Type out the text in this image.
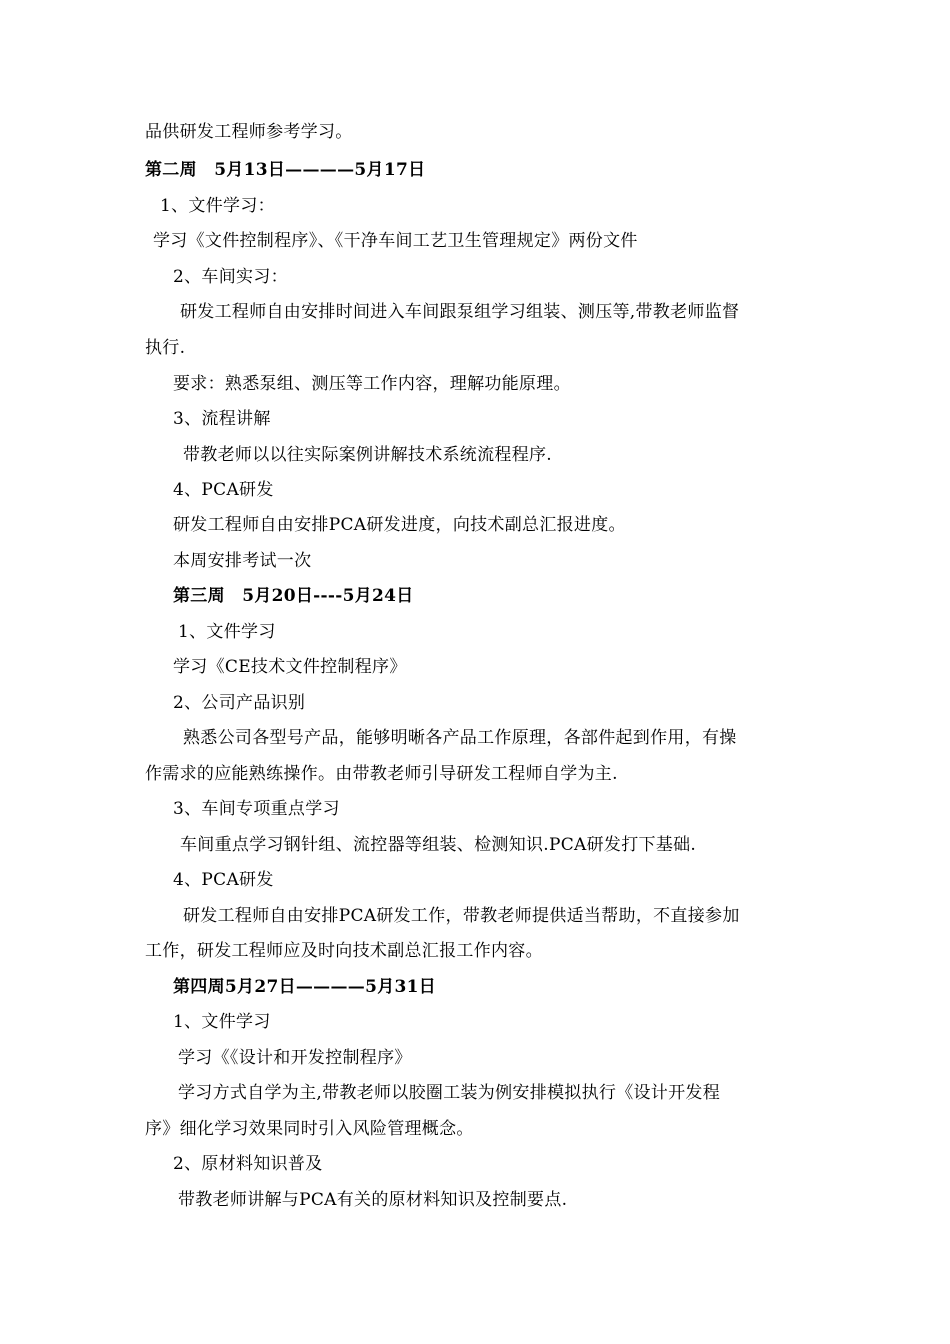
品供研发工程师参考学习。
第二周　5月13日————5月17日
1、文件学习：
学习《文件控制程序》、《干净车间工艺卫生管理规定》两份文件
2、车间实习：
研发工程师自由安排时间进入车间跟泵组学习组装、测压等,带教老师监督
执行.
要求：熟悉泵组、测压等工作内容，理解功能原理。
3、流程讲解
带教老师以以往实际案例讲解技术系统流程程序.
4、PCA研发
研发工程师自由安排PCA研发进度，向技术副总汇报进度。
本周安排考试一次
第三周　5月20日----5月24日
1、文件学习
学习《CE技术文件控制程序》
2、公司产品识别
熟悉公司各型号产品，能够明晰各产品工作原理，各部件起到作用，有操
作需求的应能熟练操作。由带教老师引导研发工程师自学为主.
3、车间专项重点学习
车间重点学习钢针组、流控器等组装、检测知识.PCA研发打下基础.
4、PCA研发
研发工程师自由安排PCA研发工作，带教老师提供适当帮助，不直接参加
工作，研发工程师应及时向技术副总汇报工作内容。
第四周5月27日————5月31日
1、文件学习
学习《《设计和开发控制程序》
学习方式自学为主,带教老师以胶圈工装为例安排模拟执行《设计开发程
序》细化学习效果同时引入风险管理概念。
2、原材料知识普及
带教老师讲解与PCA有关的原材料知识及控制要点.
